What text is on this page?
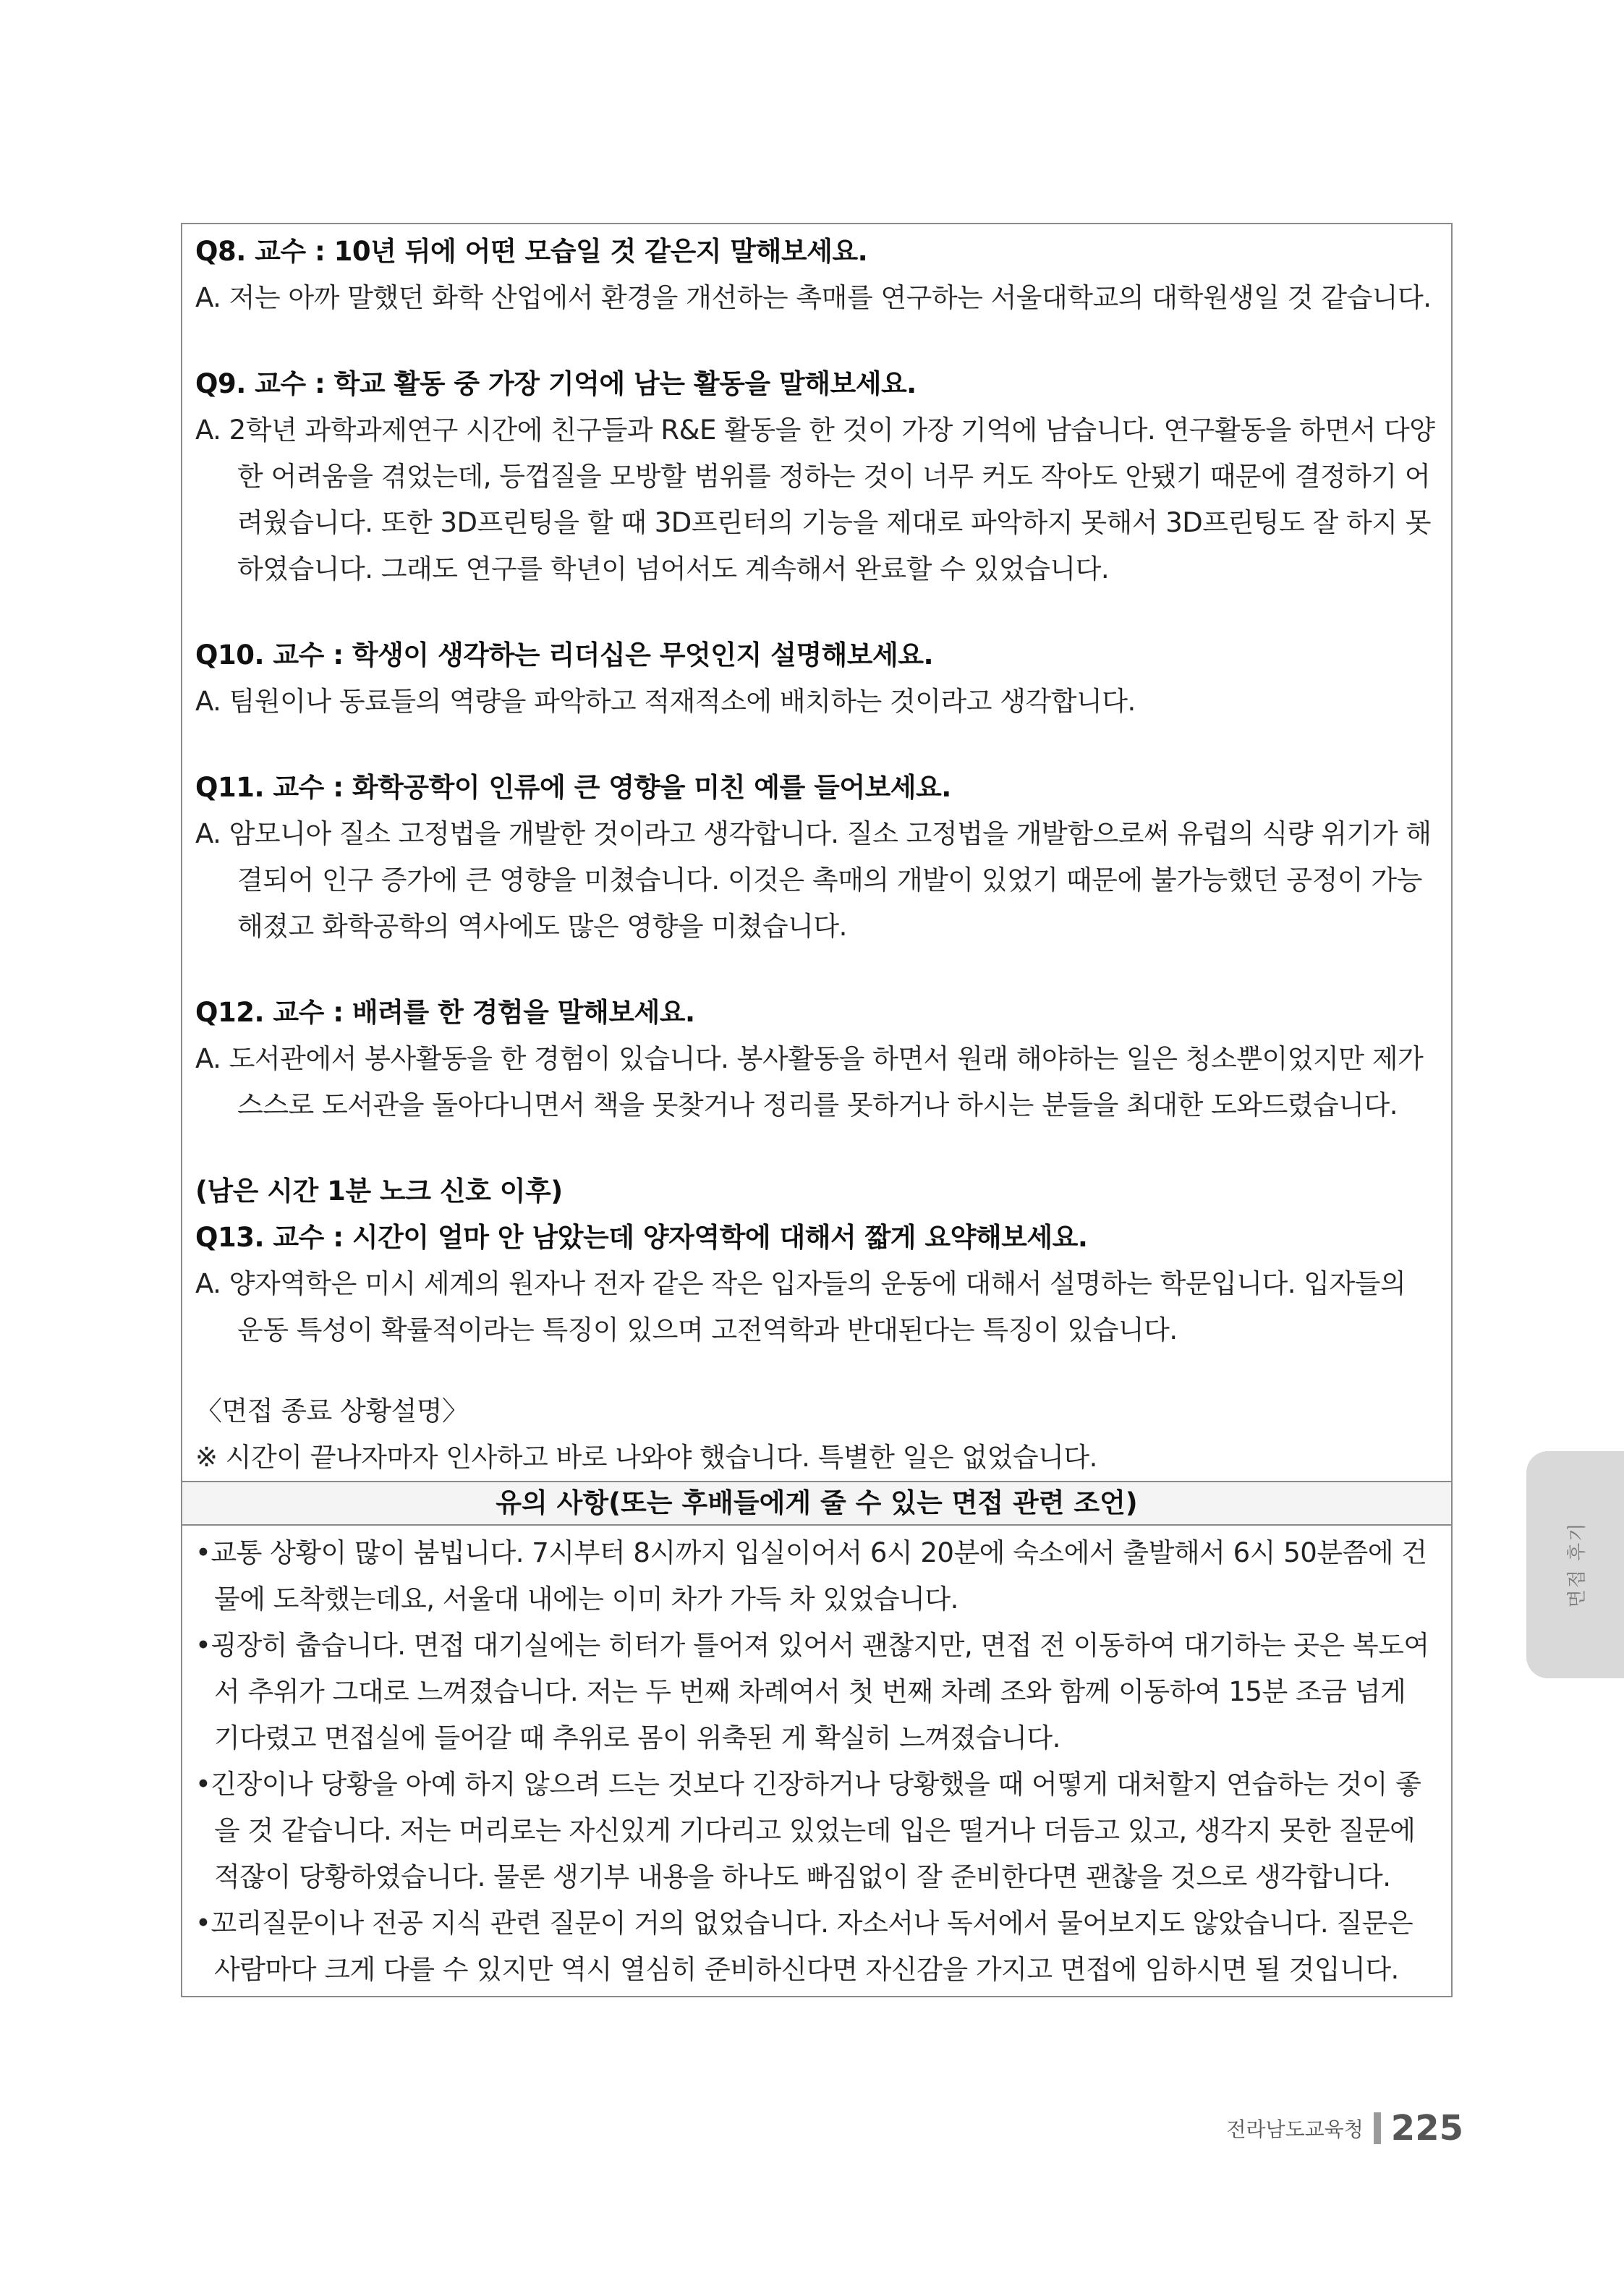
Q8. 교수 : 10년 뒤에 어떤 모습일 것 같은지 말해보세요.
A. 저는 아까 말했던 화학 산업에서 환경을 개선하는 촉매를 연구하는 서울대학교의 대학원생일 것 같습니다.
Q9. 교수 : 학교 활동 중 가장 기억에 남는 활동을 말해보세요.
A. 2학년 과학과제연구 시간에 친구들과 R&E 활동을 한 것이 가장 기억에 남습니다. 연구활동을 하면서 다양한 어려움을 겪었는데, 등껍질을 모방할 범위를 정하는 것이 너무 커도 작아도 안됐기 때문에 결정하기 어려웠습니다. 또한 3D프린팅을 할 때 3D프린터의 기능을 제대로 파악하지 못해서 3D프린팅도 잘 하지 못하였습니다. 그래도 연구를 학년이 넘어서도 계속해서 완료할 수 있었습니다.
Q10. 교수 : 학생이 생각하는 리더십은 무엇인지 설명해보세요.
A. 팀원이나 동료들의 역량을 파악하고 적재적소에 배치하는 것이라고 생각합니다.
Q11. 교수 : 화학공학이 인류에 큰 영향을 미친 예를 들어보세요.
A. 암모니아 질소 고정법을 개발한 것이라고 생각합니다. 질소 고정법을 개발함으로써 유럽의 식량 위기가 해결되어 인구 증가에 큰 영향을 미쳤습니다. 이것은 촉매의 개발이 있었기 때문에 불가능했던 공정이 가능해졌고 화학공학의 역사에도 많은 영향을 미쳤습니다.
Q12. 교수 : 배려를 한 경험을 말해보세요.
A. 도서관에서 봉사활동을 한 경험이 있습니다. 봉사활동을 하면서 원래 해야하는 일은 청소뿐이었지만 제가 스스로 도서관을 돌아다니면서 책을 못찾거나 정리를 못하거나 하시는 분들을 최대한 도와드렸습니다.
(남은 시간 1분 노크 신호 이후)
Q13. 교수 : 시간이 얼마 안 남았는데 양자역학에 대해서 짧게 요약해보세요.
A. 양자역학은 미시 세계의 원자나 전자 같은 작은 입자들의 운동에 대해서 설명하는 학문입니다. 입자들의 운동 특성이 확률적이라는 특징이 있으며 고전역학과 반대된다는 특징이 있습니다.
〈면접 종료 상황설명〉
※ 시간이 끝나자마자 인사하고 바로 나와야 했습니다. 특별한 일은 없었습니다.
유의 사항(또는 후배들에게 줄 수 있는 면접 관련 조언)
•교통 상황이 많이 붐빕니다. 7시부터 8시까지 입실이어서 6시 20분에 숙소에서 출발해서 6시 50분쯤에 건물에 도착했는데요, 서울대 내에는 이미 차가 가득 차 있었습니다.
•굉장히 춥습니다. 면접 대기실에는 히터가 틀어져 있어서 괜찮지만, 면접 전 이동하여 대기하는 곳은 복도여서 추위가 그대로 느껴졌습니다. 저는 두 번째 차례여서 첫 번째 차례 조와 함께 이동하여 15분 조금 넘게 기다렸고 면접실에 들어갈 때 추위로 몸이 위축된 게 확실히 느껴졌습니다.
•긴장이나 당황을 아예 하지 않으려 드는 것보다 긴장하거나 당황했을 때 어떻게 대처할지 연습하는 것이 좋을 것 같습니다. 저는 머리로는 자신있게 기다리고 있었는데 입은 떨거나 더듬고 있고, 생각지 못한 질문에 적잖이 당황하였습니다. 물론 생기부 내용을 하나도 빠짐없이 잘 준비한다면 괜찮을 것으로 생각합니다.
•꼬리질문이나 전공 지식 관련 질문이 거의 없었습니다. 자소서나 독서에서 물어보지도 않았습니다. 질문은 사람마다 크게 다를 수 있지만 역시 열심히 준비하신다면 자신감을 가지고 면접에 임하시면 될 것입니다.
면접 후기
전라남도교육청 225
